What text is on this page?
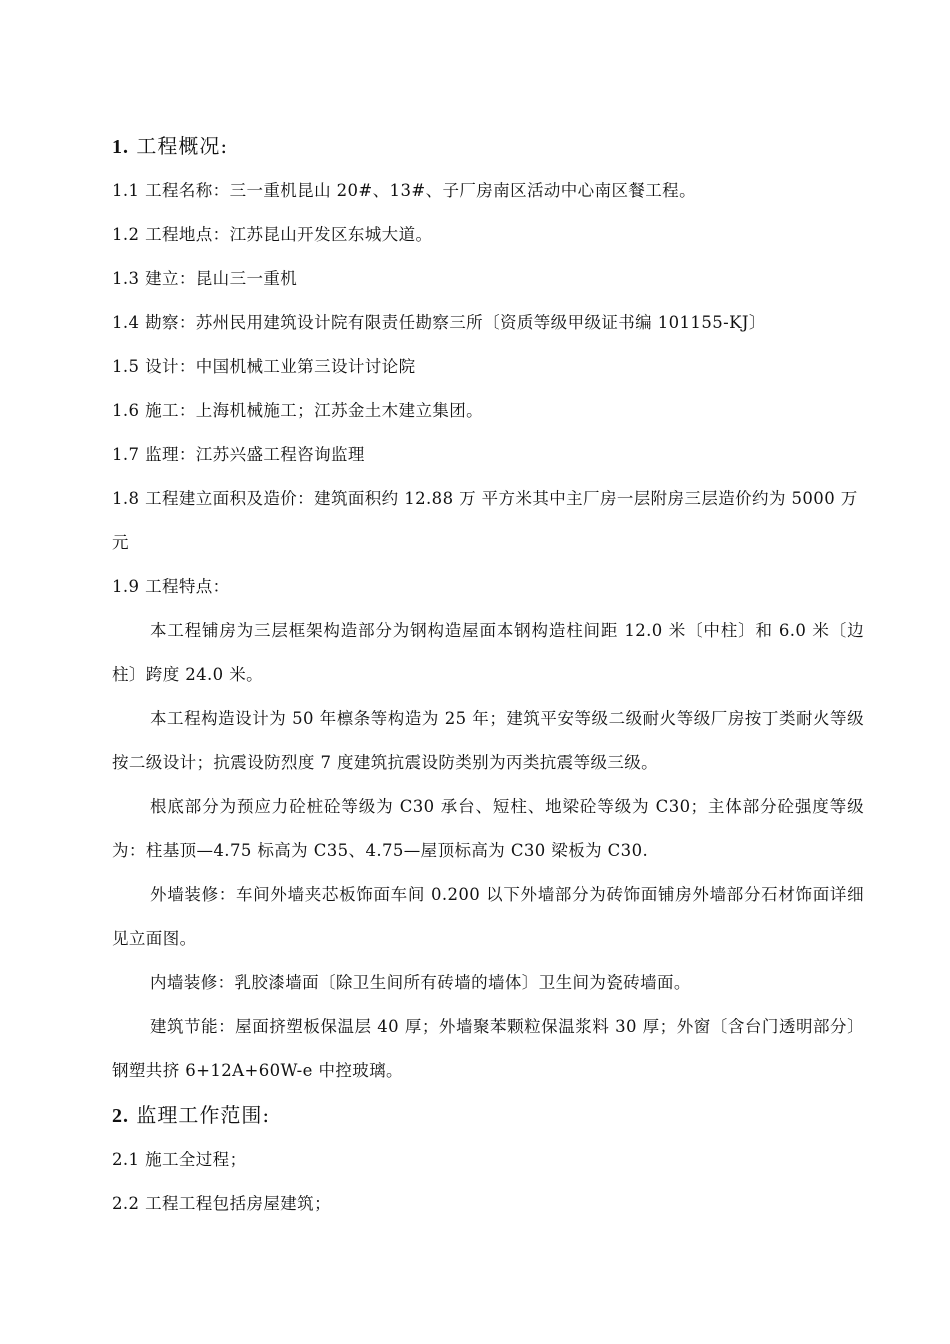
1. 工程概况:

1.1 工程名称：三一重机昆山 20#、13#、子厂房南区活动中心南区餐工程。

1.2 工程地点：江苏昆山开发区东城大道。

1.3 建立：昆山三一重机

1.4 勘察：苏州民用建筑设计院有限责任勘察三所〔资质等级甲级证书编 101155-KJ〕

1.5 设计：中国机械工业第三设计讨论院

1.6 施工：上海机械施工；江苏金土木建立集团。

1.7 监理：江苏兴盛工程咨询监理

1.8 工程建立面积及造价：建筑面积约 12.88 万 平方米其中主厂房一层附房三层造价约为 5000 万元

1.9 工程特点：

本工程铺房为三层框架构造部分为钢构造屋面本钢构造柱间距 12.0 米〔中柱〕和 6.0 米〔边柱〕跨度 24.0 米。

本工程构造设计为 50 年檩条等构造为 25 年；建筑平安等级二级耐火等级厂房按丁类耐火等级按二级设计；抗震设防烈度 7 度建筑抗震设防类别为丙类抗震等级三级。

根底部分为预应力砼桩砼等级为 C30 承台、短柱、地梁砼等级为 C30；主体部分砼强度等级为：柱基顶—4.75 标高为 C35、4.75—屋顶标高为 C30 梁板为 C30.

外墙装修：车间外墙夹芯板饰面车间 0.200 以下外墙部分为砖饰面铺房外墙部分石材饰面详细见立面图。

内墙装修：乳胶漆墙面〔除卫生间所有砖墙的墙体〕卫生间为瓷砖墙面。

建筑节能：屋面挤塑板保温层 40 厚；外墙聚苯颗粒保温浆料 30 厚；外窗〔含台门透明部分〕钢塑共挤 6+12A+60W-e 中控玻璃。

2. 监理工作范围:

2.1 施工全过程；

2.2 工程工程包括房屋建筑；
